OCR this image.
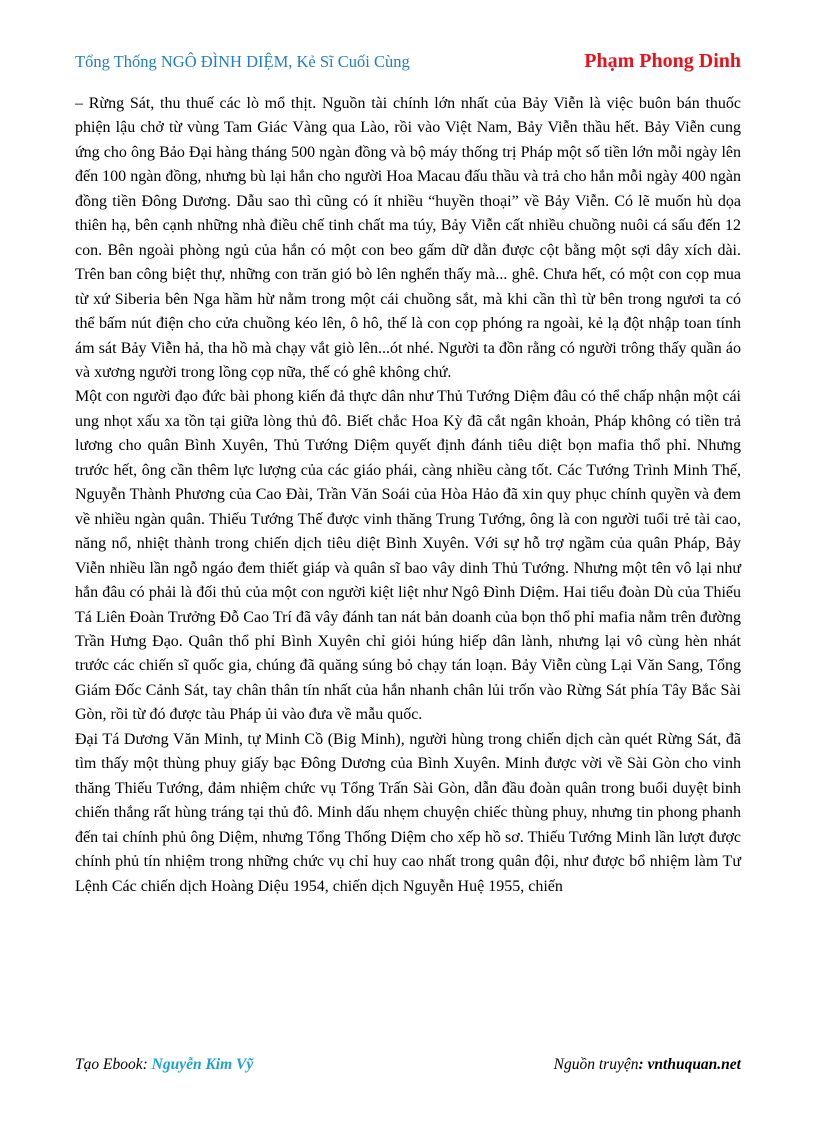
Tổng Thống NGÔ ĐÌNH DIỆM, Kẻ Sĩ Cuối Cùng	Phạm Phong Dinh

– Rừng Sát, thu thuế các lò mổ thịt. Nguồn tài chính lớn nhất của Bảy Viễn là việc buôn bán thuốc phiện lậu chở từ vùng Tam Giác Vàng qua Lào, rồi vào Việt Nam, Bảy Viễn thầu hết. Bảy Viễn cung ứng cho ông Bảo Đại hàng tháng 500 ngàn đồng và bộ máy thống trị Pháp một số tiền lớn mỗi ngày lên đến 100 ngàn đồng, nhưng bù lại hắn cho người Hoa Macau đấu thầu và trả cho hắn mỗi ngày 400 ngàn đồng tiền Đông Dương. Dẫu sao thì cũng có ít nhiều “huyền thoại” về Bảy Viễn. Có lẽ muốn hù dọa thiên hạ, bên cạnh những nhà điều chế tinh chất ma túy, Bảy Viễn cất nhiều chuồng nuôi cá sấu đến 12 con. Bên ngoài phòng ngủ của hắn có một con beo gấm dữ dằn được cột bằng một sợi dây xích dài. Trên ban công biệt thự, những con trăn gió bò lên nghển thấy mà... ghê. Chưa hết, có một con cọp mua từ xứ Siberia bên Nga hầm hừ nằm trong một cái chuồng sắt, mà khi cần thì từ bên trong ngươi ta có thể bấm nút điện cho cửa chuồng kéo lên, ô hô, thế là con cọp phóng ra ngoài, kẻ lạ đột nhập toan tính ám sát Bảy Viễn hả, tha hồ mà chạy vắt giò lên...ót nhé. Người ta đồn rằng có người trông thấy quần áo và xương người trong lồng cọp nữa, thế có ghê không chứ.

Một con người đạo đức bài phong kiến đả thực dân như Thủ Tướng Diệm đâu có thể chấp nhận một cái ung nhọt xấu xa tồn tại giữa lòng thủ đô. Biết chắc Hoa Kỳ đã cắt ngân khoản, Pháp không có tiền trả lương cho quân Bình Xuyên, Thủ Tướng Diệm quyết định đánh tiêu diệt bọn mafia thổ phỉ. Nhưng trước hết, ông cần thêm lực lượng của các giáo phái, càng nhiều càng tốt. Các Tướng Trình Minh Thế, Nguyễn Thành Phương của Cao Đài, Trần Văn Soái của Hòa Hảo đã xin quy phục chính quyền và đem về nhiều ngàn quân. Thiếu Tướng Thế được vinh thăng Trung Tướng, ông là con người tuổi trẻ tài cao, năng nổ, nhiệt thành trong chiến dịch tiêu diệt Bình Xuyên. Với sự hỗ trợ ngầm của quân Pháp, Bảy Viễn nhiều lần ngỗ ngáo đem thiết giáp và quân sĩ bao vây dinh Thủ Tướng. Nhưng một tên vô lại như hắn đâu có phải là đối thủ của một con người kiệt liệt như Ngô Đình Diệm. Hai tiểu đoàn Dù của Thiếu Tá Liên Đoàn Trưởng Đỗ Cao Trí đã vây đánh tan nát bản doanh của bọn thổ phỉ mafia nằm trên đường Trần Hưng Đạo. Quân thổ phỉ Bình Xuyên chỉ giỏi húng hiếp dân lành, nhưng lại vô cùng hèn nhát trước các chiến sĩ quốc gia, chúng đã quăng súng bỏ chạy tán loạn. Bảy Viễn cùng Lại Văn Sang, Tổng Giám Đốc Cảnh Sát, tay chân thân tín nhất của hắn nhanh chân lủi trốn vào Rừng Sát phía Tây Bắc Sài Gòn, rồi từ đó được tàu Pháp ủi vào đưa về mẫu quốc.

Đại Tá Dương Văn Minh, tự Minh Cồ (Big Minh), người hùng trong chiến dịch càn quét Rừng Sát, đã tìm thấy một thùng phuy giấy bạc Đông Dương của Bình Xuyên. Minh được vời về Sài Gòn cho vinh thăng Thiếu Tướng, đảm nhiệm chức vụ Tổng Trấn Sài Gòn, dẫn đầu đoàn quân trong buổi duyệt binh chiến thắng rất hùng tráng tại thủ đô. Minh dấu nhẹm chuyện chiếc thùng phuy, nhưng tin phong phanh đến tai chính phủ ông Diệm, nhưng Tổng Thống Diệm cho xếp hồ sơ. Thiếu Tướng Minh lần lượt được chính phủ tín nhiệm trong những chức vụ chỉ huy cao nhất trong quân đội, như được bổ nhiệm làm Tư Lệnh Các chiến dịch Hoàng Diệu 1954, chiến dịch Nguyễn Huệ 1955, chiến

Tạo Ebook: Nguyễn Kim Vỹ	Nguồn truyện: vnthuquan.net
